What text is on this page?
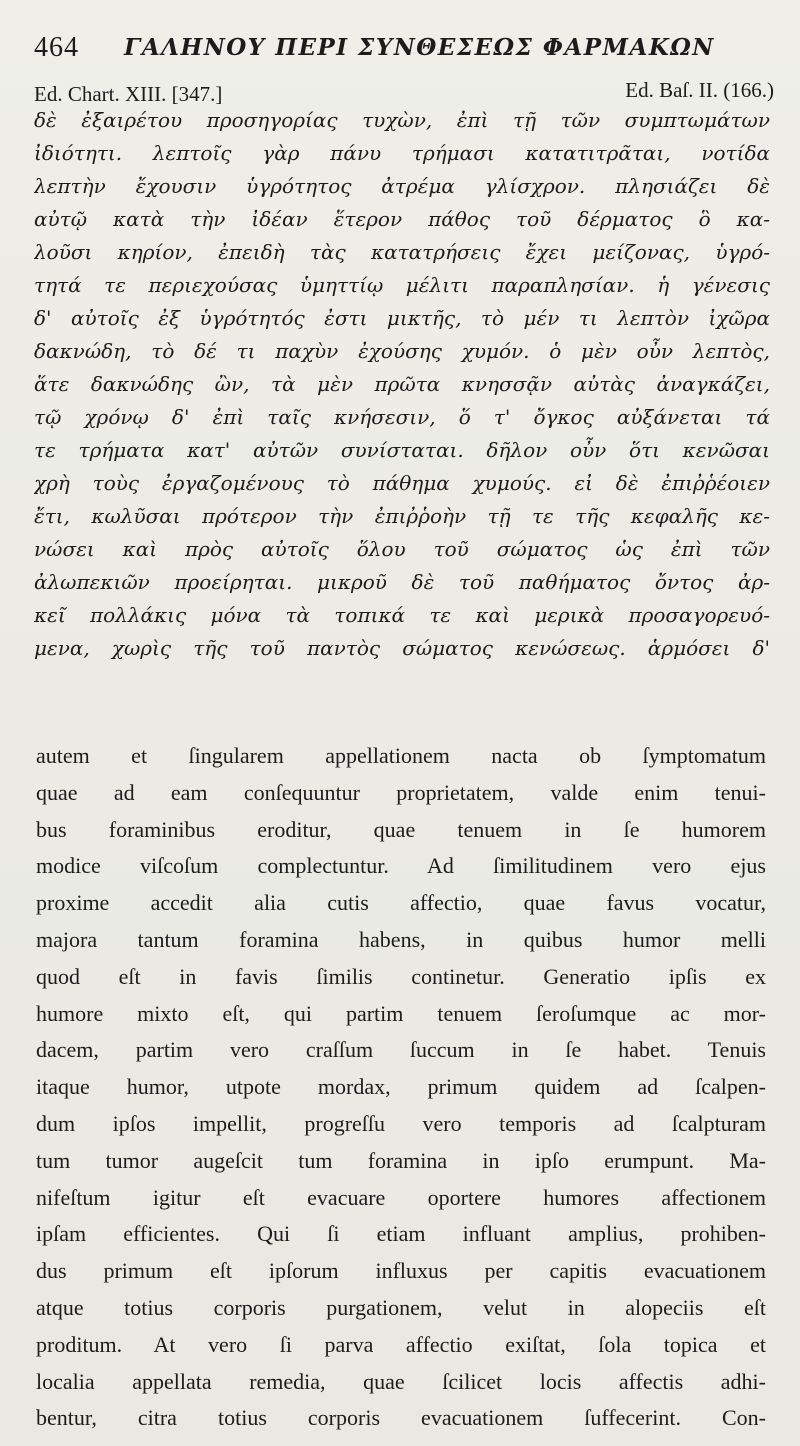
464 ΓΑΛΗΝΟΥ ΠΕΡΙ ΣΥΝΘΕΣΕΩΣ ΦΑΡΜΑΚΩΝ
Ed. Chart. XIII. [347.]	Ed. Baſ. II. (166.)
δὲ ἐξαιρέτου προσηγορίας τυχὼν, ἐπὶ τῇ τῶν συμπτωμάτων
ἰδιότητι. λεπτοῖς γὰρ πάνυ τρήμασι κατατιτρᾶται, νοτίδα
λεπτὴν ἔχουσιν ὑγρότητος ἀτρέμα γλίσχρον. πλησιάζει δὲ
αὐτῷ κατὰ τὴν ἰδέαν ἕτερον πάθος τοῦ δέρματος ὃ κα-
λοῦσι κηρίον, ἐπειδὴ τὰς κατατρήσεις ἔχει μείζονας, ὑγρό-
τητά τε περιεχούσας ὑμηττίῳ μέλιτι παραπλησίαν. ἡ γένεσις
δ' αὐτοῖς ἐξ ὑγρότητός ἐστι μικτῆς, τὸ μέν τι λεπτὸν ἰχῶρα
δακνώδη, τὸ δέ τι παχὺν ἐχούσης χυμόν. ὁ μὲν οὖν λεπτὸς,
ἅτε δακνώδης ὢν, τὰ μὲν πρῶτα κνησσᾷν αὐτὰς ἀναγκάζει,
τῷ χρόνῳ δ' ἐπὶ ταῖς κνήσεσιν, ὅ τ' ὄγκος αὐξάνεται τά
τε τρήματα κατ' αὐτῶν συνίσταται. δῆλον οὖν ὅτι κενῶσαι
χρὴ τοὺς ἐργαζομένους τὸ πάθημα χυμούς. εἰ δὲ ἐπιῤῥέοιεν
ἔτι, κωλῦσαι πρότερον τὴν ἐπιῤῥοὴν τῇ τε τῆς κεφαλῆς κε-
νώσει καὶ πρὸς αὐτοῖς ὅλου τοῦ σώματος ὡς ἐπὶ τῶν
ἀλωπεκιῶν προείρηται. μικροῦ δὲ τοῦ παθήματος ὄντος ἀρ-
κεῖ πολλάκις μόνα τὰ τοπικά τε καὶ μερικὰ προσαγορευό-
μενα, χωρὶς τῆς τοῦ παντὸς σώματος κενώσεως. ἁρμόσει δ'
autem et ſingularem appellationem nacta ob ſymptomatum
quae ad eam conſequuntur proprietatem, valde enim tenui-
bus foraminibus eroditur, quae tenuem in ſe humorem
modice viſcoſum complectuntur. Ad ſimilitudinem vero ejus
proxime accedit alia cutis affectio, quae favus vocatur,
majora tantum foramina habens, in quibus humor melli
quod eſt in favis ſimilis continetur. Generatio ipſis ex
humore mixto eſt, qui partim tenuem ſeroſumque ac mor-
dacem, partim vero craſſum ſuccum in ſe habet. Tenuis
itaque humor, utpote mordax, primum quidem ad ſcalpen-
dum ipſos impellit, progreſſu vero temporis ad ſcalpturam
tum tumor augeſcit tum foramina in ipſo erumpunt. Ma-
nifeſtum igitur eſt evacuare oportere humores affectionem
ipſam efficientes. Qui ſi etiam influant amplius, prohiben-
dus primum eſt ipſorum influxus per capitis evacuationem
atque totius corporis purgationem, velut in alopeciis eſt
proditum. At vero ſi parva affectio exiſtat, ſola topica et
localia appellata remedia, quae ſcilicet locis affectis adhi-
bentur, citra totius corporis evacuationem ſuffecerint. Con-
